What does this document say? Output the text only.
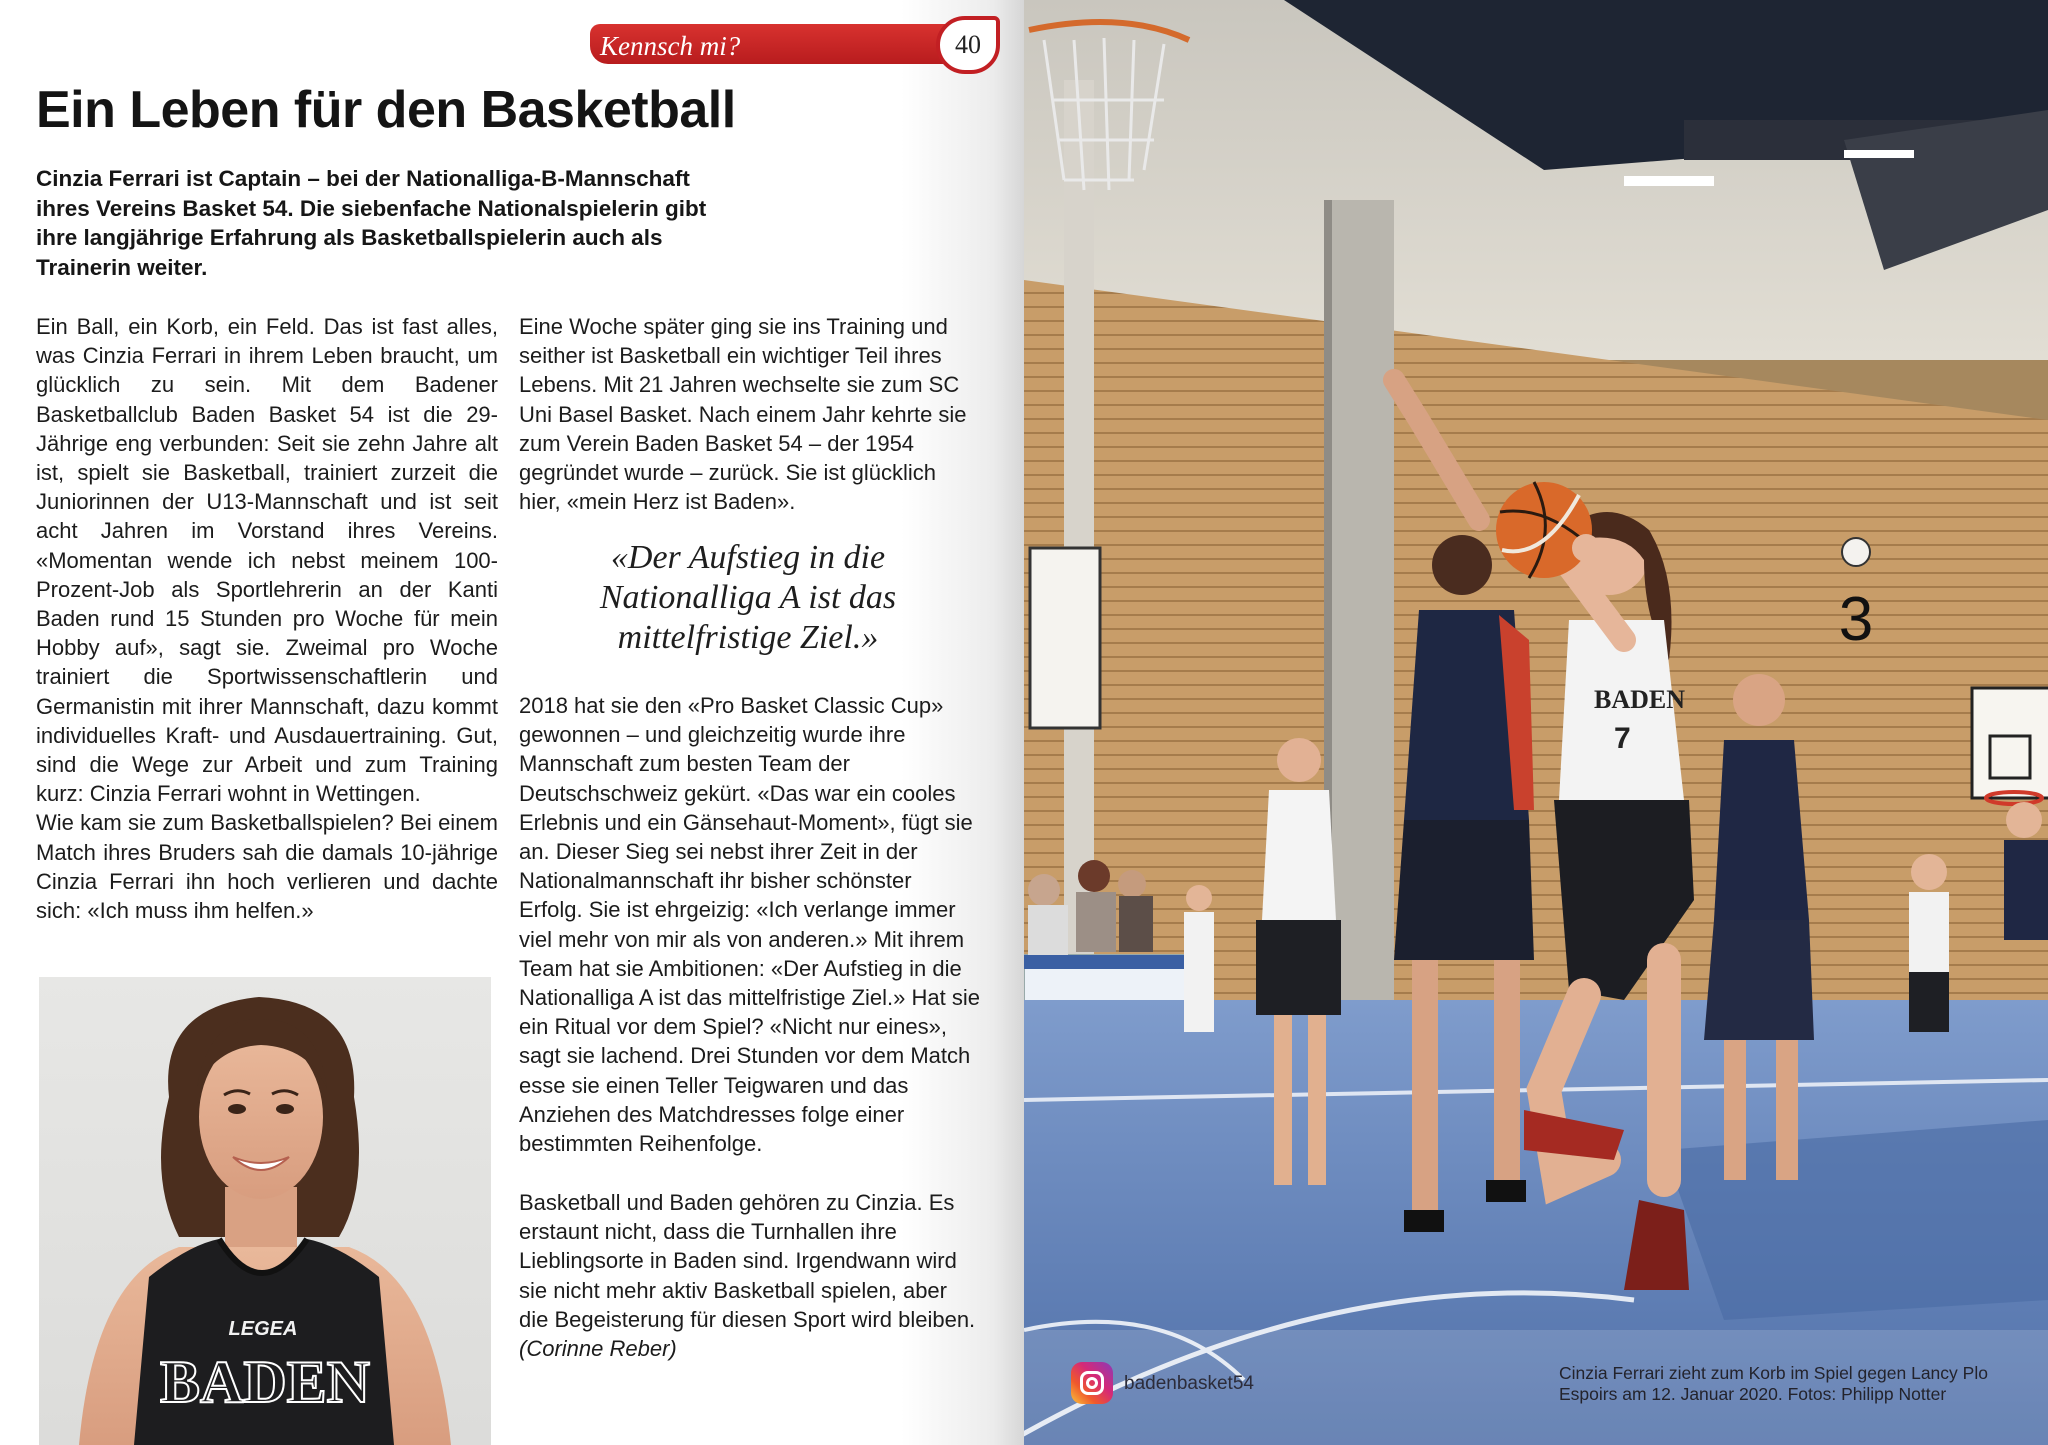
Kennsch mi?	40
Ein Leben für den Basketball

Cinzia Ferrari ist Captain – bei der Nationalliga-B-Mannschaft ihres Vereins Basket 54. Die siebenfache Nationalspielerin gibt ihre langjährige Erfahrung als Basketballspielerin auch als Trainerin weiter.

Ein Ball, ein Korb, ein Feld. Das ist fast alles, was Cinzia Ferrari in ihrem Leben braucht, um glücklich zu sein. Mit dem Badener Basketballclub Baden Basket 54 ist die 29-Jährige eng verbunden: Seit sie zehn Jahre alt ist, spielt sie Basketball, trainiert zurzeit die Juniorinnen der U13-Mannschaft und ist seit acht Jahren im Vorstand ihres Vereins. «Momentan wende ich nebst meinem 100-Prozent-Job als Sportlehrerin an der Kanti Baden rund 15 Stunden pro Woche für mein Hobby auf», sagt sie. Zweimal pro Woche trainiert die Sportwissenschaftlerin und Germanistin mit ihrer Mannschaft, dazu kommt individuelles Kraft- und Ausdauertraining. Gut, sind die Wege zur Arbeit und zum Training kurz: Cinzia Ferrari wohnt in Wettingen.

Wie kam sie zum Basketballspielen? Bei einem Match ihres Bruders sah die damals 10-jährige Cinzia Ferrari ihn hoch verlieren und dachte sich: «Ich muss ihm helfen.»

Eine Woche später ging sie ins Training und seither ist Basketball ein wichtiger Teil ihres Lebens. Mit 21 Jahren wechselte sie zum SC Uni Basel Basket. Nach einem Jahr kehrte sie zum Verein Baden Basket 54 – der 1954 gegründet wurde – zurück. Sie ist glücklich hier, «mein Herz ist Baden».

«Der Aufstieg in die Nationalliga A ist das mittelfristige Ziel.»

2018 hat sie den «Pro Basket Classic Cup» gewonnen – und gleichzeitig wurde ihre Mannschaft zum besten Team der Deutschschweiz gekürt. «Das war ein cooles Erlebnis und ein Gänsehaut-Moment», fügt sie an. Dieser Sieg sei nebst ihrer Zeit in der Nationalmannschaft ihr bisher schönster Erfolg. Sie ist ehrgeizig: «Ich verlange immer viel mehr von mir als von anderen.» Mit ihrem Team hat sie Ambitionen: «Der Aufstieg in die Nationalliga A ist das mittelfristige Ziel.» Hat sie ein Ritual vor dem Spiel? «Nicht nur eines», sagt sie lachend. Drei Stunden vor dem Match esse sie einen Teller Teigwaren und das Anziehen des Matchdresses folge einer bestimmten Reihenfolge.

Basketball und Baden gehören zu Cinzia. Es erstaunt nicht, dass die Turnhallen ihre Lieblingsorte in Baden sind. Irgendwann wird sie nicht mehr aktiv Basketball spielen, aber die Begeisterung für diesen Sport wird bleiben. (Corinne Reber)

LEGEA
BADEN
3
BADEN
7
badenbasket54	Cinzia Ferrari zieht zum Korb im Spiel gegen Lancy Plo Espoirs am 12. Januar 2020. Fotos: Philipp Notter
